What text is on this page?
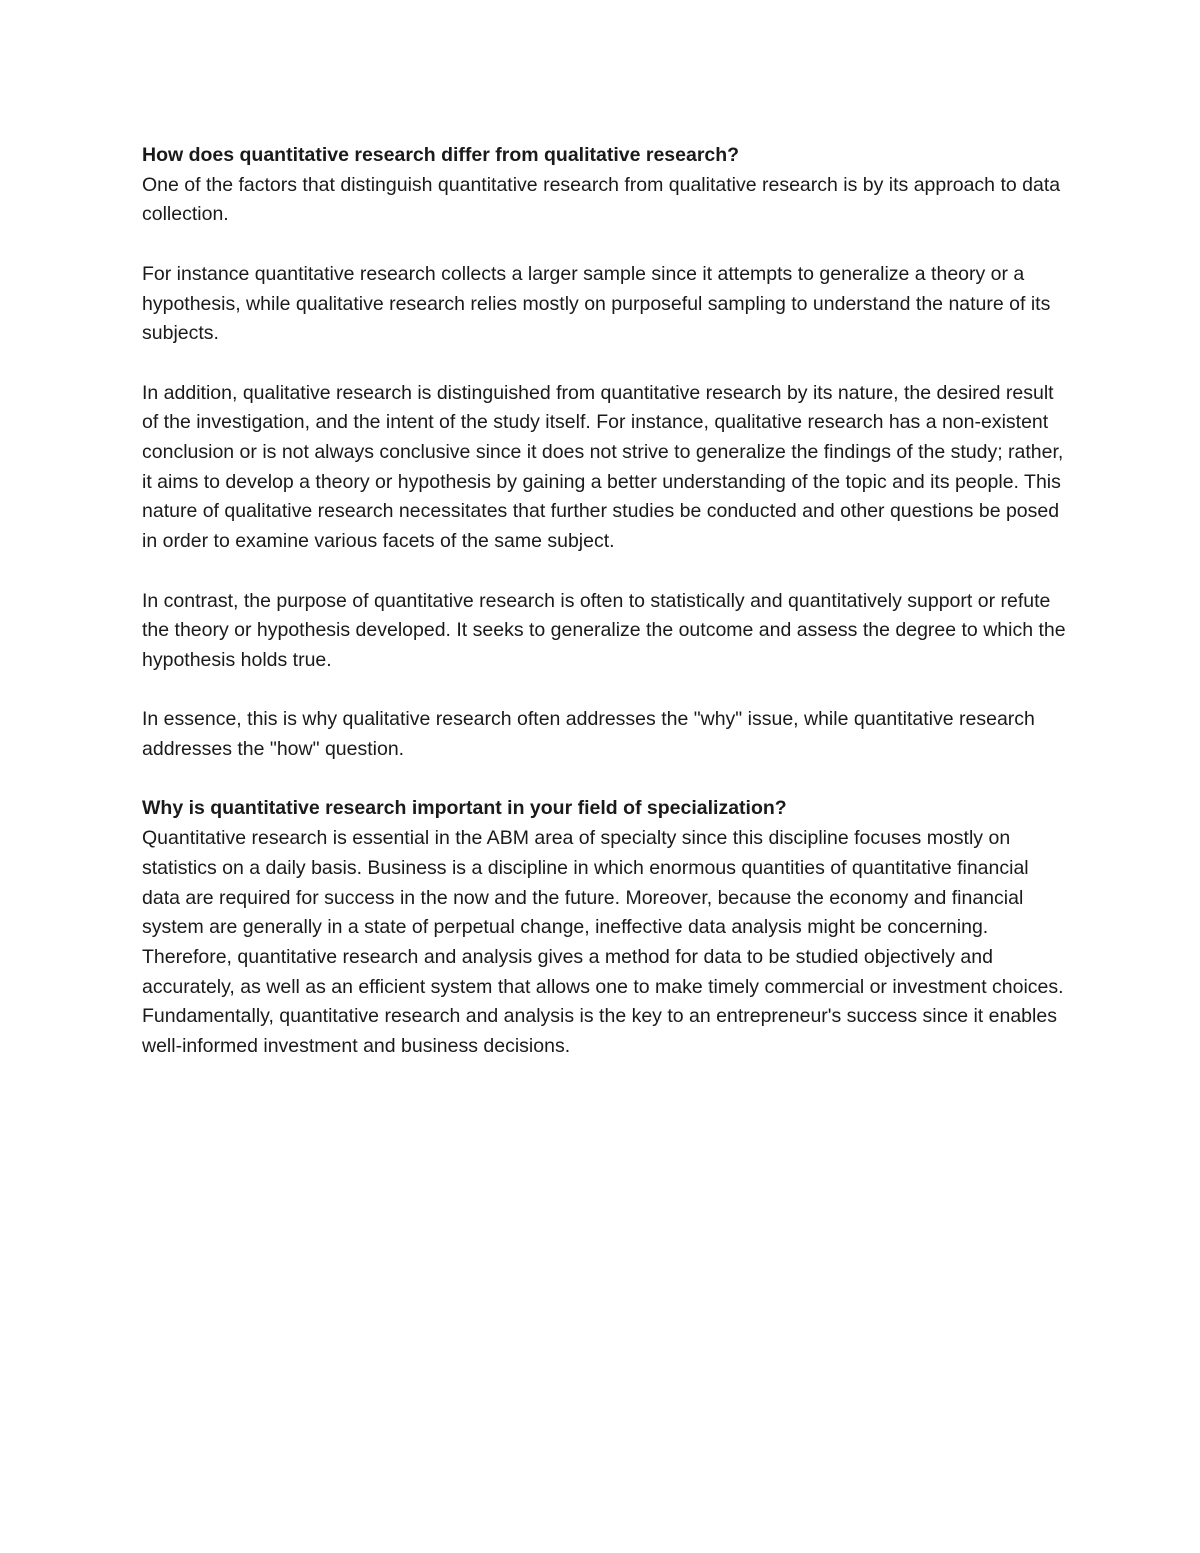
How does quantitative research differ from qualitative research?

One of the factors that distinguish quantitative research from qualitative research is by its approach to data collection.

For instance quantitative research collects a larger sample since it attempts to generalize a theory or a hypothesis, while qualitative research relies mostly on purposeful sampling to understand the nature of its subjects.

In addition, qualitative research is distinguished from quantitative research by its nature, the desired result of the investigation, and the intent of the study itself. For instance, qualitative research has a non-existent conclusion or is not always conclusive since it does not strive to generalize the findings of the study; rather, it aims to develop a theory or hypothesis by gaining a better understanding of the topic and its people. This nature of qualitative research necessitates that further studies be conducted and other questions be posed in order to examine various facets of the same subject.

In contrast, the purpose of quantitative research is often to statistically and quantitatively support or refute the theory or hypothesis developed. It seeks to generalize the outcome and assess the degree to which the hypothesis holds true.

In essence, this is why qualitative research often addresses the "why" issue, while quantitative research addresses the "how" question.

Why is quantitative research important in your field of specialization?

Quantitative research is essential in the ABM area of specialty since this discipline focuses mostly on statistics on a daily basis. Business is a discipline in which enormous quantities of quantitative financial data are required for success in the now and the future. Moreover, because the economy and financial system are generally in a state of perpetual change, ineffective data analysis might be concerning. Therefore, quantitative research and analysis gives a method for data to be studied objectively and accurately, as well as an efficient system that allows one to make timely commercial or investment choices. Fundamentally, quantitative research and analysis is the key to an entrepreneur's success since it enables well-informed investment and business decisions.
